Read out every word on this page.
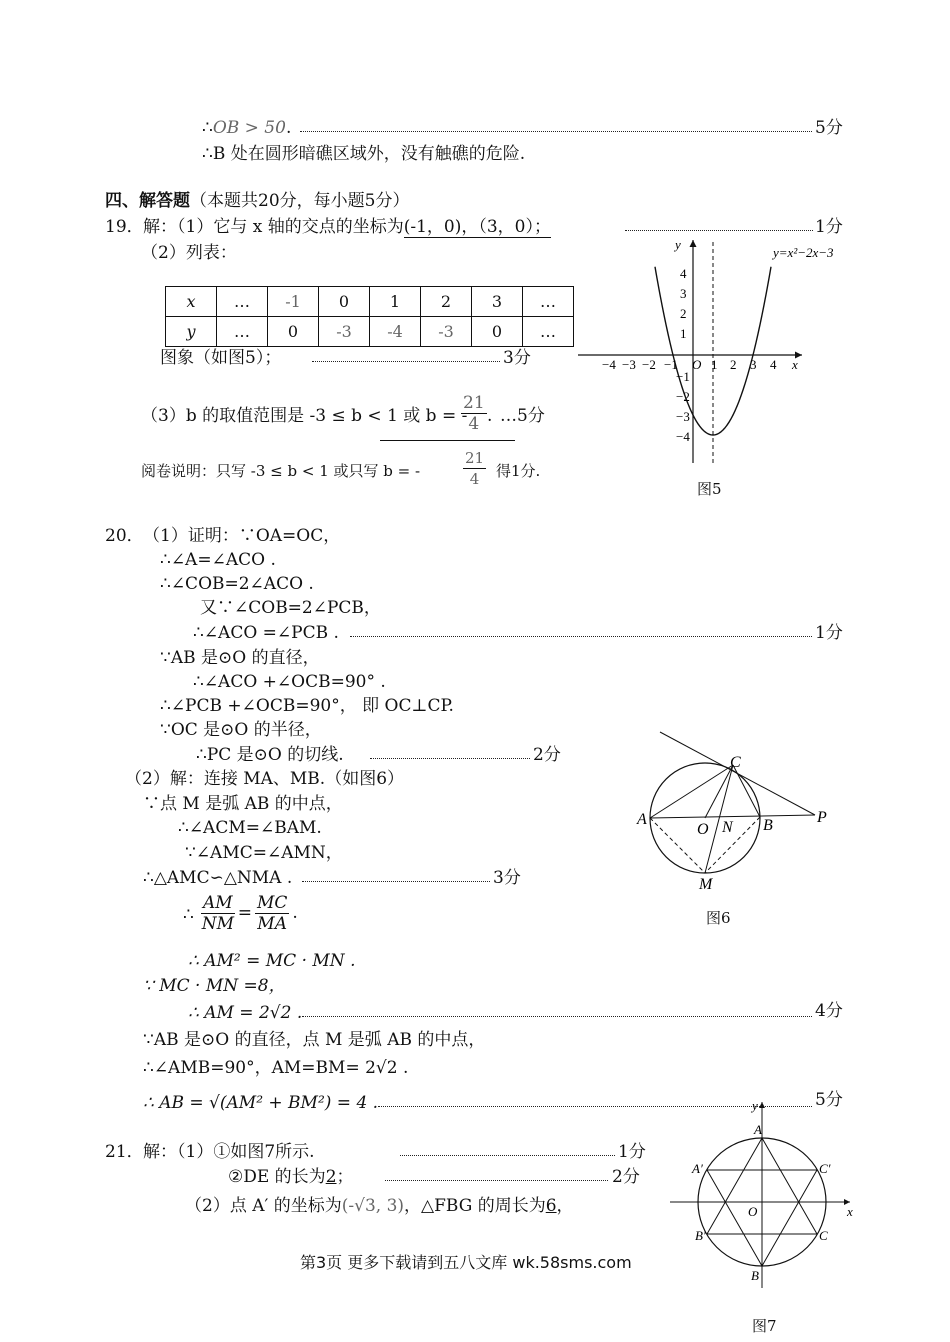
∴OB > 50.	5分
∴B 处在圆形暗礁区域外，没有触礁的危险.
四、解答题（本题共20分，每小题5分）
19． 解：（1）它与 x 轴的交点的坐标为(-1，0)，（3，0）；	1分
（2）列表：
x	…	-1	0	1	2	3	…
y	…	0	-3	-4	-3	0	…
图象（如图5）；	3分
（3）b 的取值范围是 -3 ≤ b < 1 或 b = -
$\frac{21}{4}$ . …5分
阅卷说明：只写 -3 ≤ b < 1 或只写 b = -	$\frac{21}{4}$ 得1分.
y
x
y=x²−2x−3
−4 −3 −2 −1 O 1 2 3 4
4
3
2
1
−1
−2
−3
−4
图5
20． （1）证明：∵OA=OC，
∴∠A=∠ACO .
∴∠COB=2∠ACO .
又∵∠COB=2∠PCB，
∴∠ACO =∠PCB .	1分
∵AB 是⊙O 的直径，
∴∠ACO +∠OCB=90° .
∴∠PCB +∠OCB=90°， 即 OC⊥CP.
∵OC 是⊙O 的半径，
∴PC 是⊙O 的切线.	2分
（2）解：连接 MA、MB.（如图6）
∵点 M 是弧 AB 的中点，
∴∠ACM=∠BAM.
∵∠AMC=∠AMN，
∴△AMC∽△NMA .	3分
∴ $\frac{AM}{NM} = \frac{MC}{MA}$ .
∴ AM² = MC · MN .
∵ MC · MN =8，
∴ AM = 2√2 .	4分
∵AB 是⊙O 的直径，点 M 是弧 AB 的中点，
∴∠AMB=90°，AM=BM= 2√2 .
∴ AB = √(AM² + BM²) = 4 .	5分
C
A
O N B	P
M
图6
21． 解：（1）①如图7所示.	1分
②DE 的长为2；	2分
（2）点 A′ 的坐标为(-√3, 3)，△FBG 的周长为6，
y
A
A′	C′
O	x
B′	C
B
图7
第3页 更多下载请到五八文库 wk.58sms.com
